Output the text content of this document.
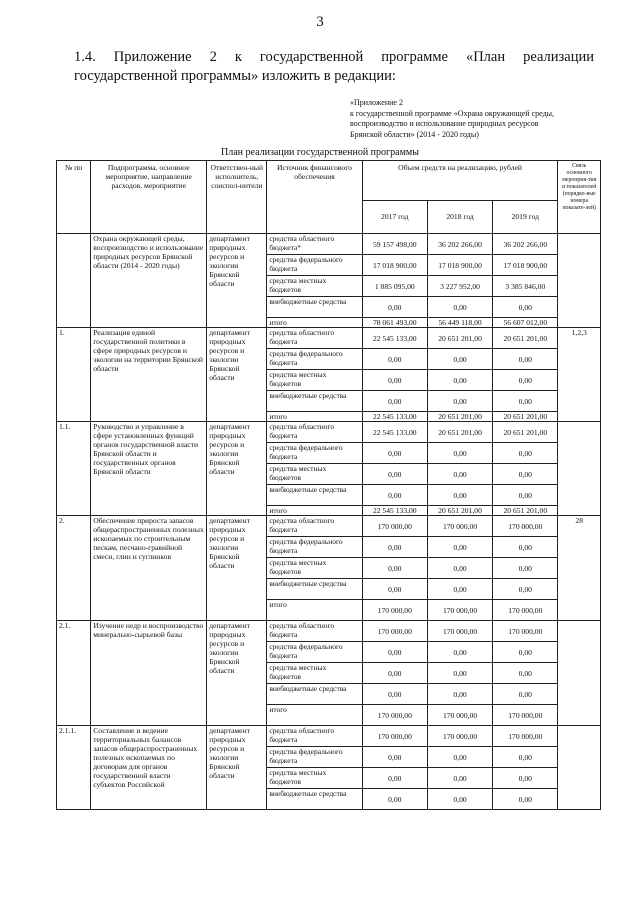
3
1.4. Приложение 2 к государственной программе «План реализации государственной программы» изложить в редакции:
«Приложение 2
к государственной программе «Охрана окружающей среды,
воспроизводство и использование природных ресурсов
Брянской области» (2014 - 2020 годы)
План реализации государственной программы
№ пп	Подпрограмма, основное мероприятие, направление расходов, мероприятие	Ответствен-ный исполнитель, соиспол-нители	Источник финансового обеспечения	Объем средств на реализацию, рублей			Связь основного мероприя-тия и показателей (порядко-вые номера показате-лей)
				2017 год	2018 год	2019 год	
	Охрана окружающей среды, воспроизводство и использование природных ресурсов Брянской области (2014 - 2020 годы)	департамент природных ресурсов и экологии Брянской области	средства областного бюджета*	59 157 498,00	36 202 266,00	36 202 266,00	
			средства федерального бюджета	17 018 900,00	17 018 900,00	17 018 900,00	
			средства местных бюджетов	1 885 095,00	3 227 952,00	3 385 846,00	
			внебюджетные средства	0,00	0,00	0,00	
			итого	78 061 493,00	56 449 118,00	56 607 012,00	
1.	Реализация единой государственной политики в сфере природных ресурсов и экологии на территории Брянской области	департамент природных ресурсов и экологии Брянской области	средства областного бюджета	22 545 133,00	20 651 201,00	20 651 201,00	1,2,3
			средства федерального бюджета	0,00	0,00	0,00	
			средства местных бюджетов	0,00	0,00	0,00	
			внебюджетные средства	0,00	0,00	0,00	
			итого	22 545 133,00	20 651 201,00	20 651 201,00	
1.1.	Руководство и управление в сфере установленных функций органов государственной власти Брянской области и государственных органов Брянской области	департамент природных ресурсов и экологии Брянской области	средства областного бюджета	22 545 133,00	20 651 201,00	20 651 201,00	
			средства федерального бюджета	0,00	0,00	0,00	
			средства местных бюджетов	0,00	0,00	0,00	
			внебюджетные средства	0,00	0,00	0,00	
			итого	22 545 133,00	20 651 201,00	20 651 201,00	
2.	Обеспечение прироста запасов общераспространенных полезных ископаемых по строительным пескам, песчано-гравийной смеси, глин и суглинков	департамент природных ресурсов и экологии Брянской области	средства областного бюджета	170 000,00	170 000,00	170 000,00	28
			средства федерального бюджета	0,00	0,00	0,00	
			средства местных бюджетов	0,00	0,00	0,00	
			внебюджетные средства	0,00	0,00	0,00	
			итого	170 000,00	170 000,00	170 000,00	
2.1.	Изучение недр и воспроизводство минерально-сырьевой базы	департамент природных ресурсов и экологии Брянской области	средства областного бюджета	170 000,00	170 000,00	170 000,00	
			средства федерального бюджета	0,00	0,00	0,00	
			средства местных бюджетов	0,00	0,00	0,00	
			внебюджетные средства	0,00	0,00	0,00	
			итого	170 000,00	170 000,00	170 000,00	
2.1.1.	Составление и ведение территориальных балансов запасов общераспространенных полезных ископаемых по договорам для органов государственной власти субъектов Российской	департамент природных ресурсов и экологии Брянской области	средства областного бюджета	170 000,00	170 000,00	170 000,00	
			средства федерального бюджета	0,00	0,00	0,00	
			средства местных бюджетов	0,00	0,00	0,00	
			внебюджетные средства	0,00	0,00	0,00	
